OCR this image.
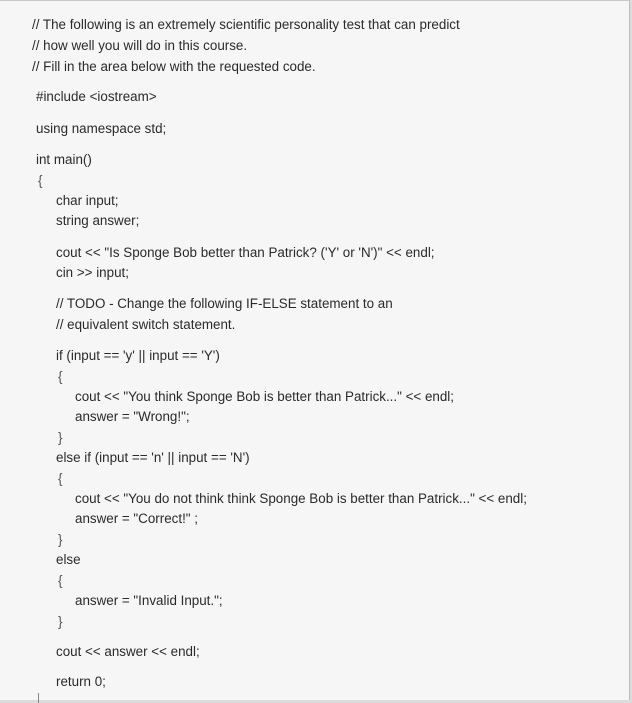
// The following is an extremely scientific personality test that can predict
// how well you will do in this course.
// Fill in the area below with the requested code.
#include <iostream>
using namespace std;
int main()
{
char input;
string answer;
cout << "Is Sponge Bob better than Patrick? ('Y' or 'N')" << endl;
cin >> input;
// TODO - Change the following IF-ELSE statement to an
// equivalent switch statement.
if (input == 'y' || input == 'Y')
{
cout << "You think Sponge Bob is better than Patrick..." << endl;
answer = "Wrong!";
}
else if (input == 'n' || input == 'N')
{
cout << "You do not think think Sponge Bob is better than Patrick..." << endl;
answer = "Correct!" ;
}
else
{
answer = "Invalid Input.";
}
cout << answer << endl;
return 0;
